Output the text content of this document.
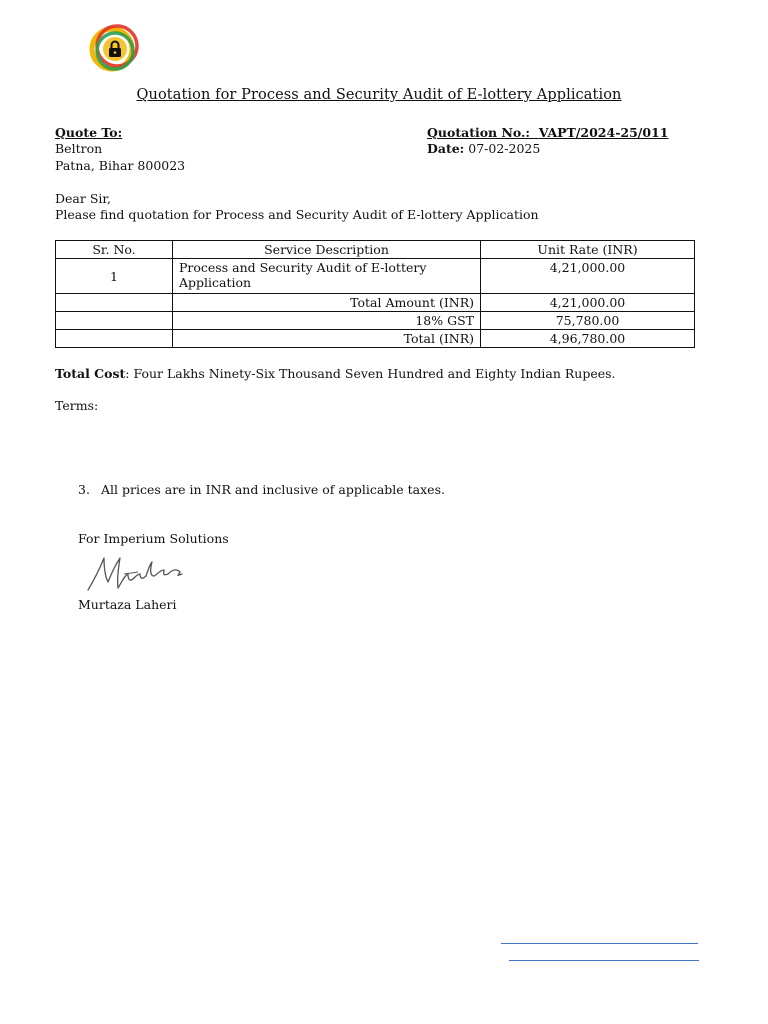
Quotation for Process and Security Audit of E-lottery Application
Quote To:
Beltron
Patna, Bihar 800023
Quotation No.: VAPT/2024-25/011
Date: 07-02-2025
Dear Sir,
Please find quotation for Process and Security Audit of E-lottery Application
Sr. No.	Service Description	Unit Rate (INR)
1	Process and Security Audit of E-lottery Application	4,21,000.00
	Total Amount (INR)	4,21,000.00
	18% GST	75,780.00
	Total (INR)	4,96,780.00
Total Cost: Four Lakhs Ninety-Six Thousand Seven Hundred and Eighty Indian Rupees.
Terms:
3. All prices are in INR and inclusive of applicable taxes.
For Imperium Solutions
Murtaza Laheri
